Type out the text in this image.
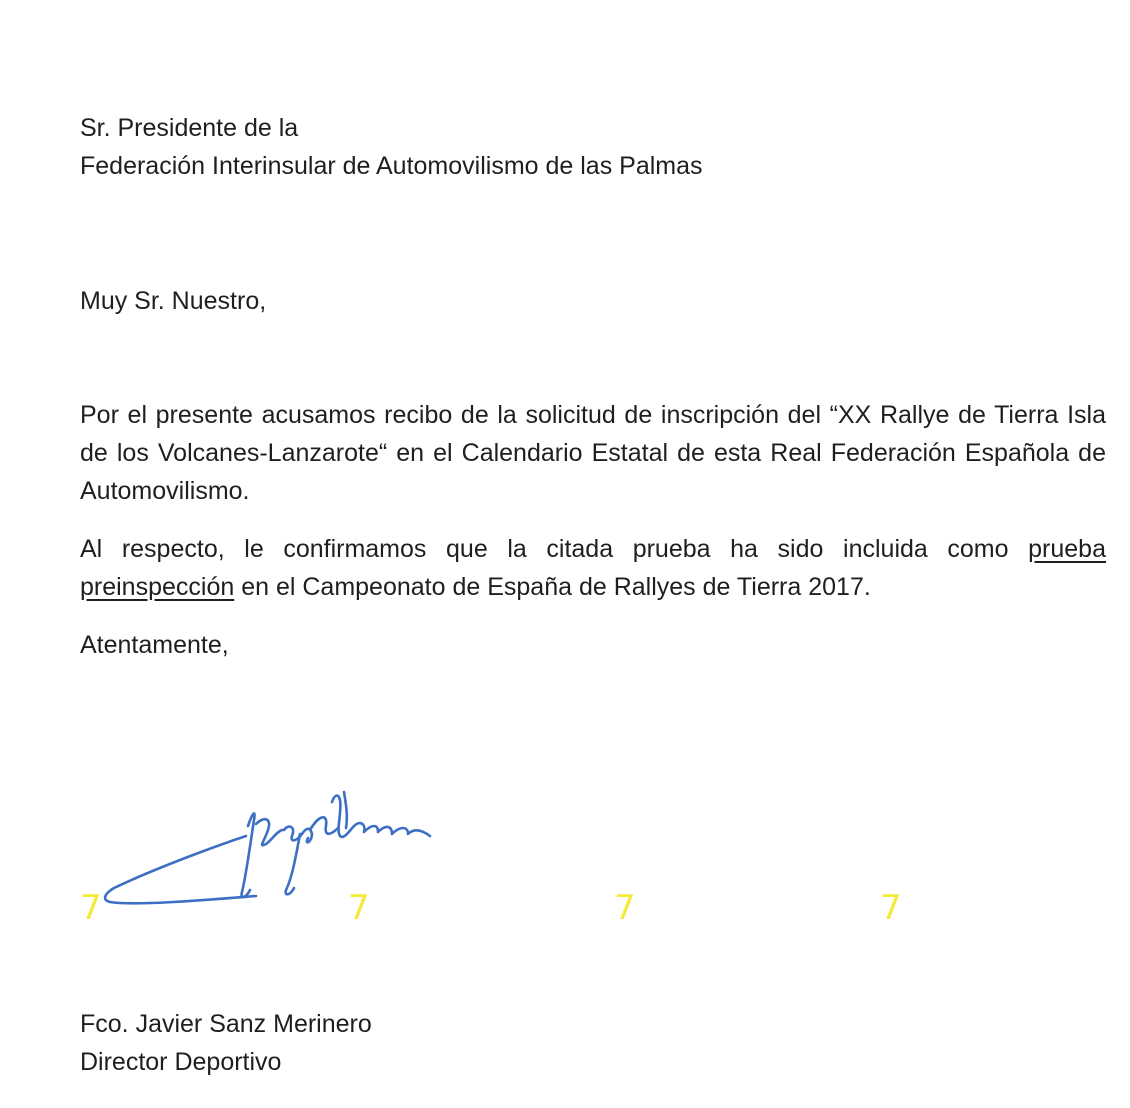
Sr. Presidente de la
Federación Interinsular de Automovilismo de las Palmas
Muy Sr. Nuestro,
Por el presente acusamos recibo de la solicitud de inscripción del “XX Rallye de Tierra Isla de los Volcanes-Lanzarote“ en el Calendario Estatal de esta Real Federación Española de Automovilismo.
Al respecto, le confirmamos que la citada prueba ha sido incluida como prueba preinspección en el Campeonato de España de Rallyes de Tierra 2017.
Atentamente,
7	7	7	7
Fco. Javier Sanz Merinero
Director Deportivo
